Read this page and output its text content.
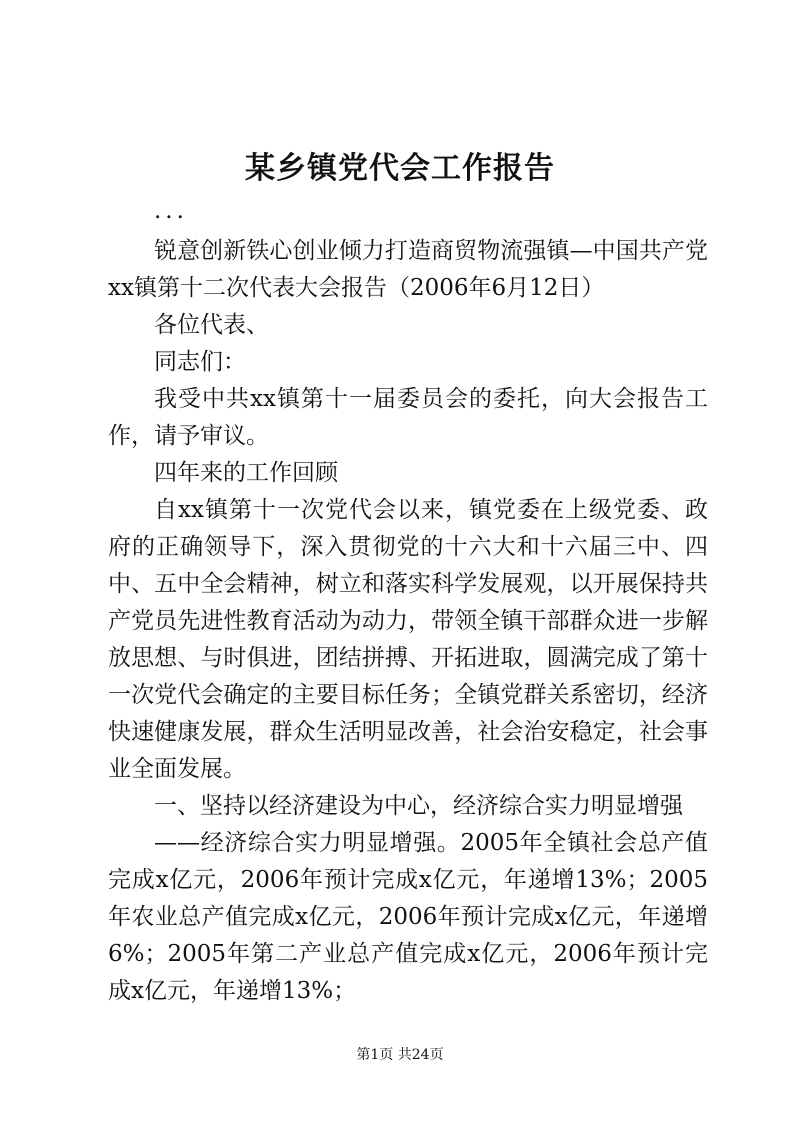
某乡镇党代会工作报告

...

锐意创新铁心创业倾力打造商贸物流强镇—中国共产党xx镇第十二次代表大会报告（2006年6月12日）

各位代表、

同志们：

我受中共xx镇第十一届委员会的委托，向大会报告工作，请予审议。

四年来的工作回顾

自xx镇第十一次党代会以来，镇党委在上级党委、政府的正确领导下，深入贯彻党的十六大和十六届三中、四中、五中全会精神，树立和落实科学发展观，以开展保持共产党员先进性教育活动为动力，带领全镇干部群众进一步解放思想、与时俱进，团结拼搏、开拓进取，圆满完成了第十一次党代会确定的主要目标任务；全镇党群关系密切，经济快速健康发展，群众生活明显改善，社会治安稳定，社会事业全面发展。

一、坚持以经济建设为中心，经济综合实力明显增强

——经济综合实力明显增强。2005年全镇社会总产值完成x亿元，2006年预计完成x亿元，年递增13%；2005年农业总产值完成x亿元，2006年预计完成x亿元，年递增6%；2005年第二产业总产值完成x亿元，2006年预计完成x亿元，年递增13%；

第1页 共24页
